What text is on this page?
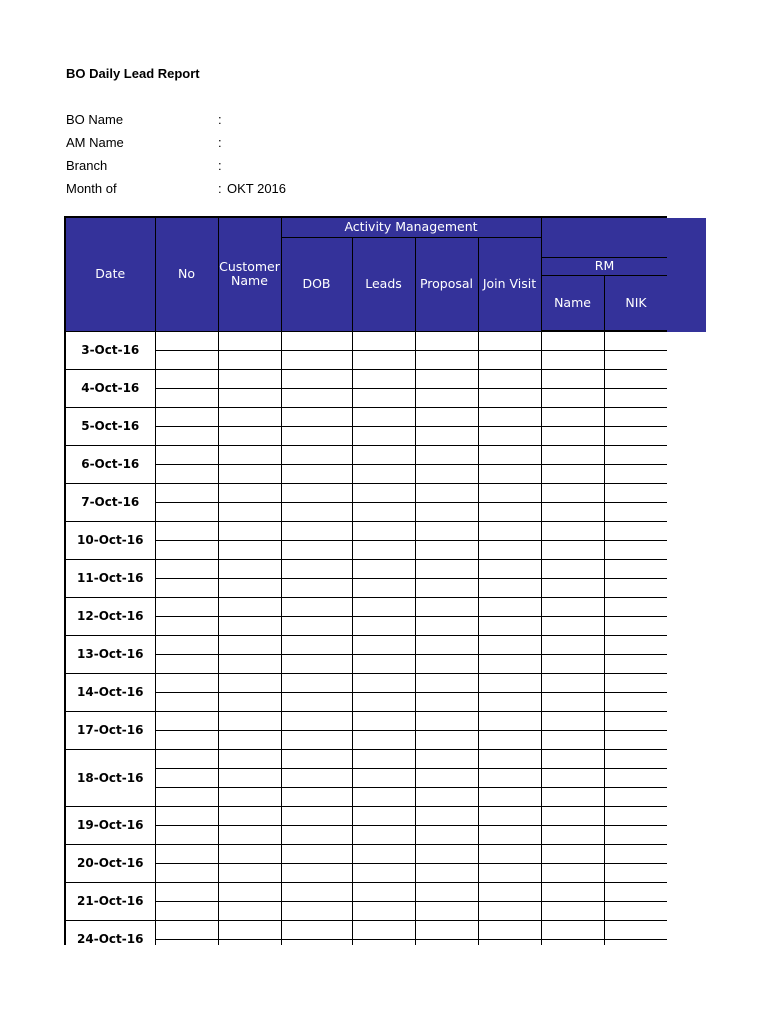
BO Daily Lead Report
BO Name	:
AM Name	:
Branch	:
Month of	: OKT 2016
Date	No	Customer Name	Activity Management					
			DOB	Leads	Proposal	Join Visit		
							RM	
							Name	NIK
3-Oct-16								

4-Oct-16								

5-Oct-16								

6-Oct-16								

7-Oct-16								

10-Oct-16								

11-Oct-16								

12-Oct-16								

13-Oct-16								

14-Oct-16								

17-Oct-16								

18-Oct-16								

19-Oct-16								

20-Oct-16								

21-Oct-16								

24-Oct-16								
